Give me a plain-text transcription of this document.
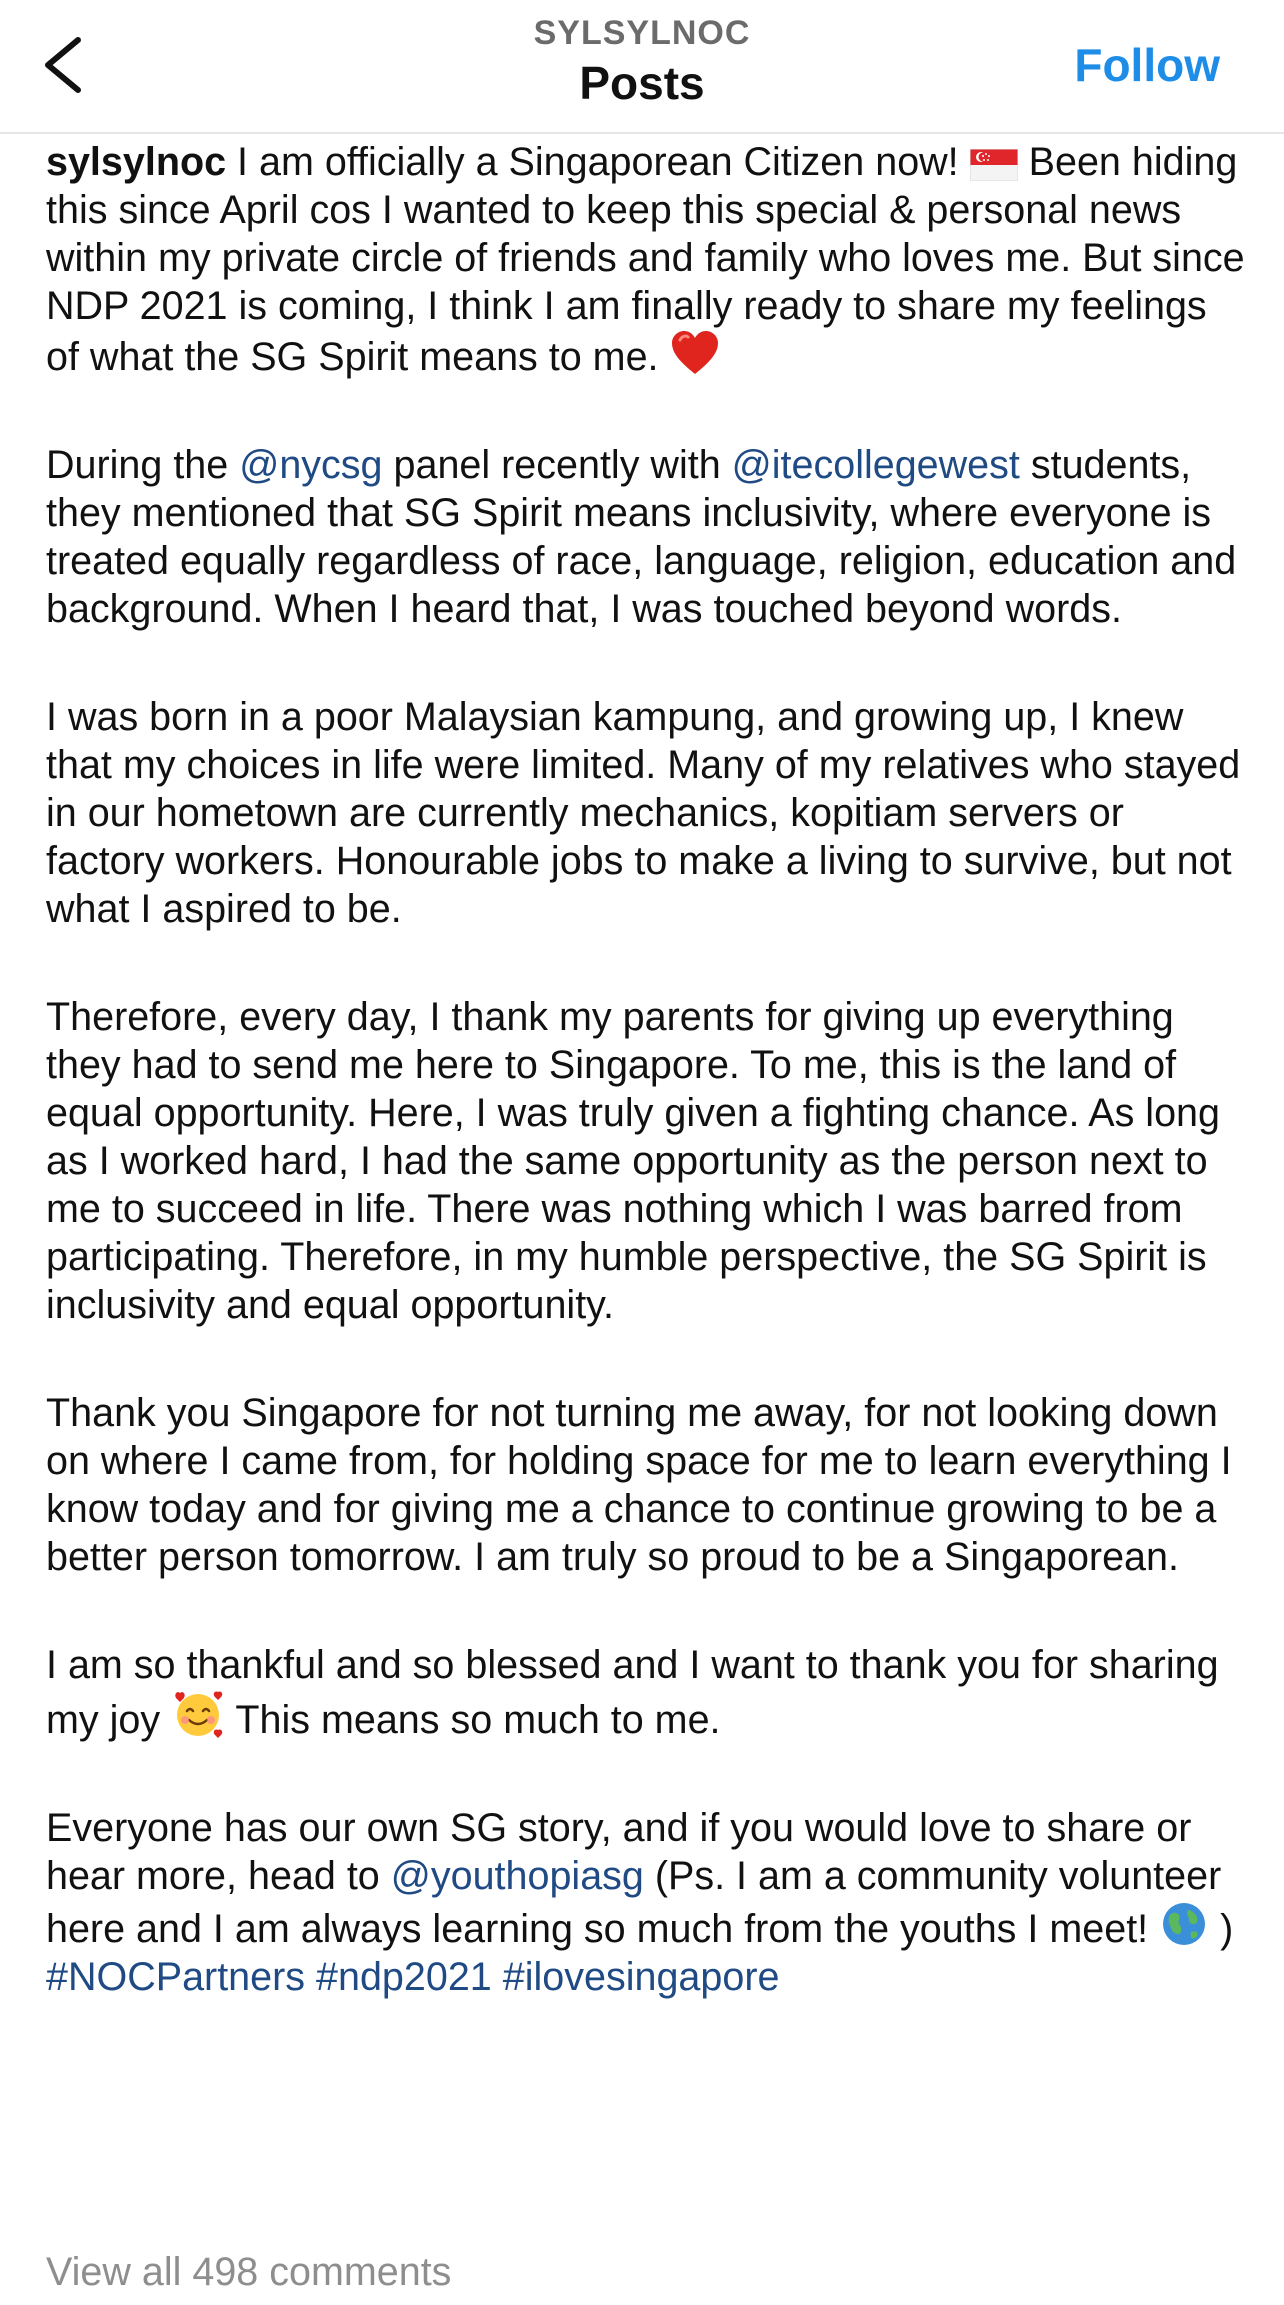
SYLSYLNOC
Posts	Follow

sylsylnoc I am officially a Singaporean Citizen now! Been hiding this since April cos I wanted to keep this special & personal news within my private circle of friends and family who loves me. But since NDP 2021 is coming, I think I am finally ready to share my feelings of what the SG Spirit means to me.

During the @nycsg panel recently with @itecollegewest students, they mentioned that SG Spirit means inclusivity, where everyone is treated equally regardless of race, language, religion, education and background. When I heard that, I was touched beyond words.

I was born in a poor Malaysian kampung, and growing up, I knew that my choices in life were limited. Many of my relatives who stayed in our hometown are currently mechanics, kopitiam servers or factory workers. Honourable jobs to make a living to survive, but not what I aspired to be.

Therefore, every day, I thank my parents for giving up everything they had to send me here to Singapore. To me, this is the land of equal opportunity. Here, I was truly given a fighting chance. As long as I worked hard, I had the same opportunity as the person next to me to succeed in life. There was nothing which I was barred from participating. Therefore, in my humble perspective, the SG Spirit is inclusivity and equal opportunity.

Thank you Singapore for not turning me away, for not looking down on where I came from, for holding space for me to learn everything I know today and for giving me a chance to continue growing to be a better person tomorrow. I am truly so proud to be a Singaporean.

I am so thankful and so blessed and I want to thank you for sharing my joy This means so much to me.

Everyone has our own SG story, and if you would love to share or hear more, head to @youthopiasg (Ps. I am a community volunteer here and I am always learning so much from the youths I meet! ) #NOCPartners #ndp2021 #ilovesingapore

View all 498 comments
